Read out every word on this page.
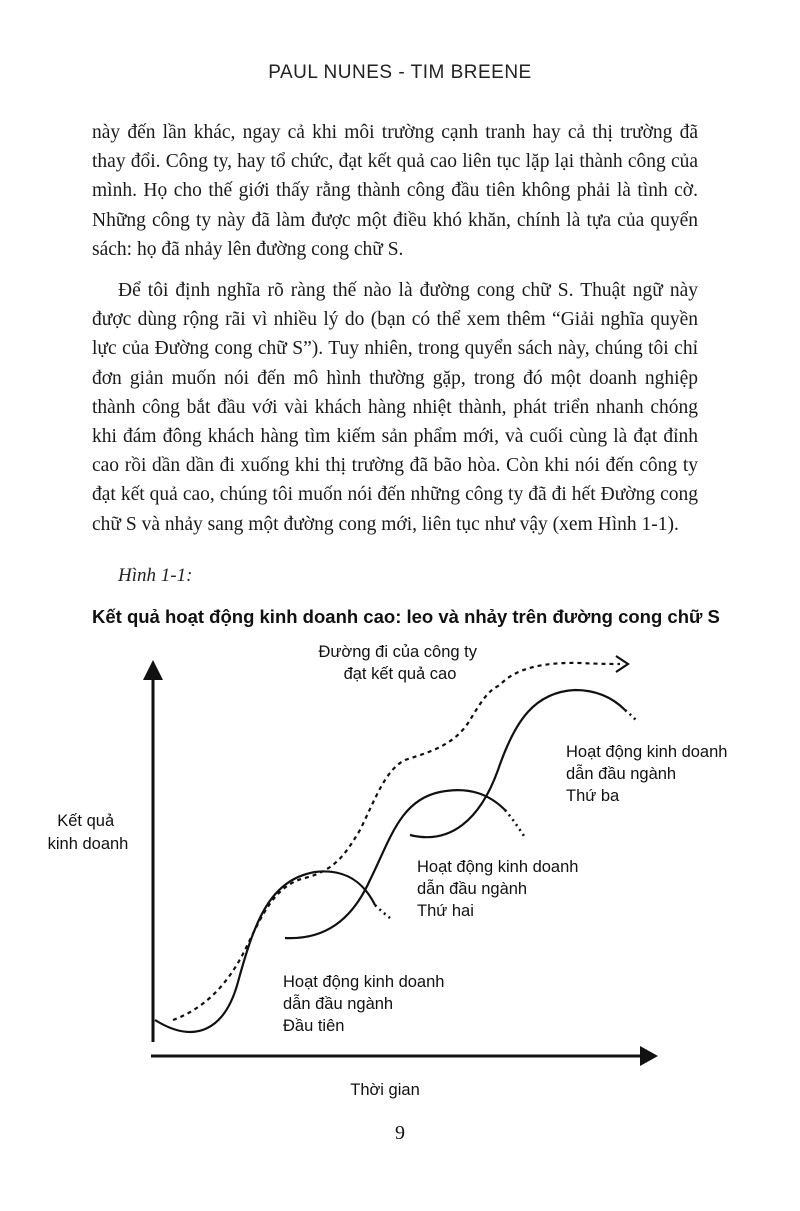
PAUL NUNES - TIM BREENE

này đến lần khác, ngay cả khi môi trường cạnh tranh hay cả thị trường đã thay đổi. Công ty, hay tổ chức, đạt kết quả cao liên tục lặp lại thành công của mình. Họ cho thế giới thấy rằng thành công đầu tiên không phải là tình cờ. Những công ty này đã làm được một điều khó khăn, chính là tựa của quyển sách: họ đã nhảy lên đường cong chữ S.

Để tôi định nghĩa rõ ràng thế nào là đường cong chữ S. Thuật ngữ này được dùng rộng rãi vì nhiều lý do (bạn có thể xem thêm “Giải nghĩa quyền lực của Đường cong chữ S”). Tuy nhiên, trong quyển sách này, chúng tôi chỉ đơn giản muốn nói đến mô hình thường gặp, trong đó một doanh nghiệp thành công bắt đầu với vài khách hàng nhiệt thành, phát triển nhanh chóng khi đám đông khách hàng tìm kiếm sản phẩm mới, và cuối cùng là đạt đỉnh cao rồi dần dần đi xuống khi thị trường đã bão hòa. Còn khi nói đến công ty đạt kết quả cao, chúng tôi muốn nói đến những công ty đã đi hết Đường cong chữ S và nhảy sang một đường cong mới, liên tục như vậy (xem Hình 1-1).

Hình 1-1:
Kết quả hoạt động kinh doanh cao: leo và nhảy trên đường cong chữ S
Kết quả kinh doanh
Thời gian
Đường đi của công ty đạt kết quả cao
Hoạt động kinh doanh dẫn đầu ngành Thứ ba
Hoạt động kinh doanh dẫn đầu ngành Thứ hai
Hoạt động kinh doanh dẫn đầu ngành Đầu tiên
9
